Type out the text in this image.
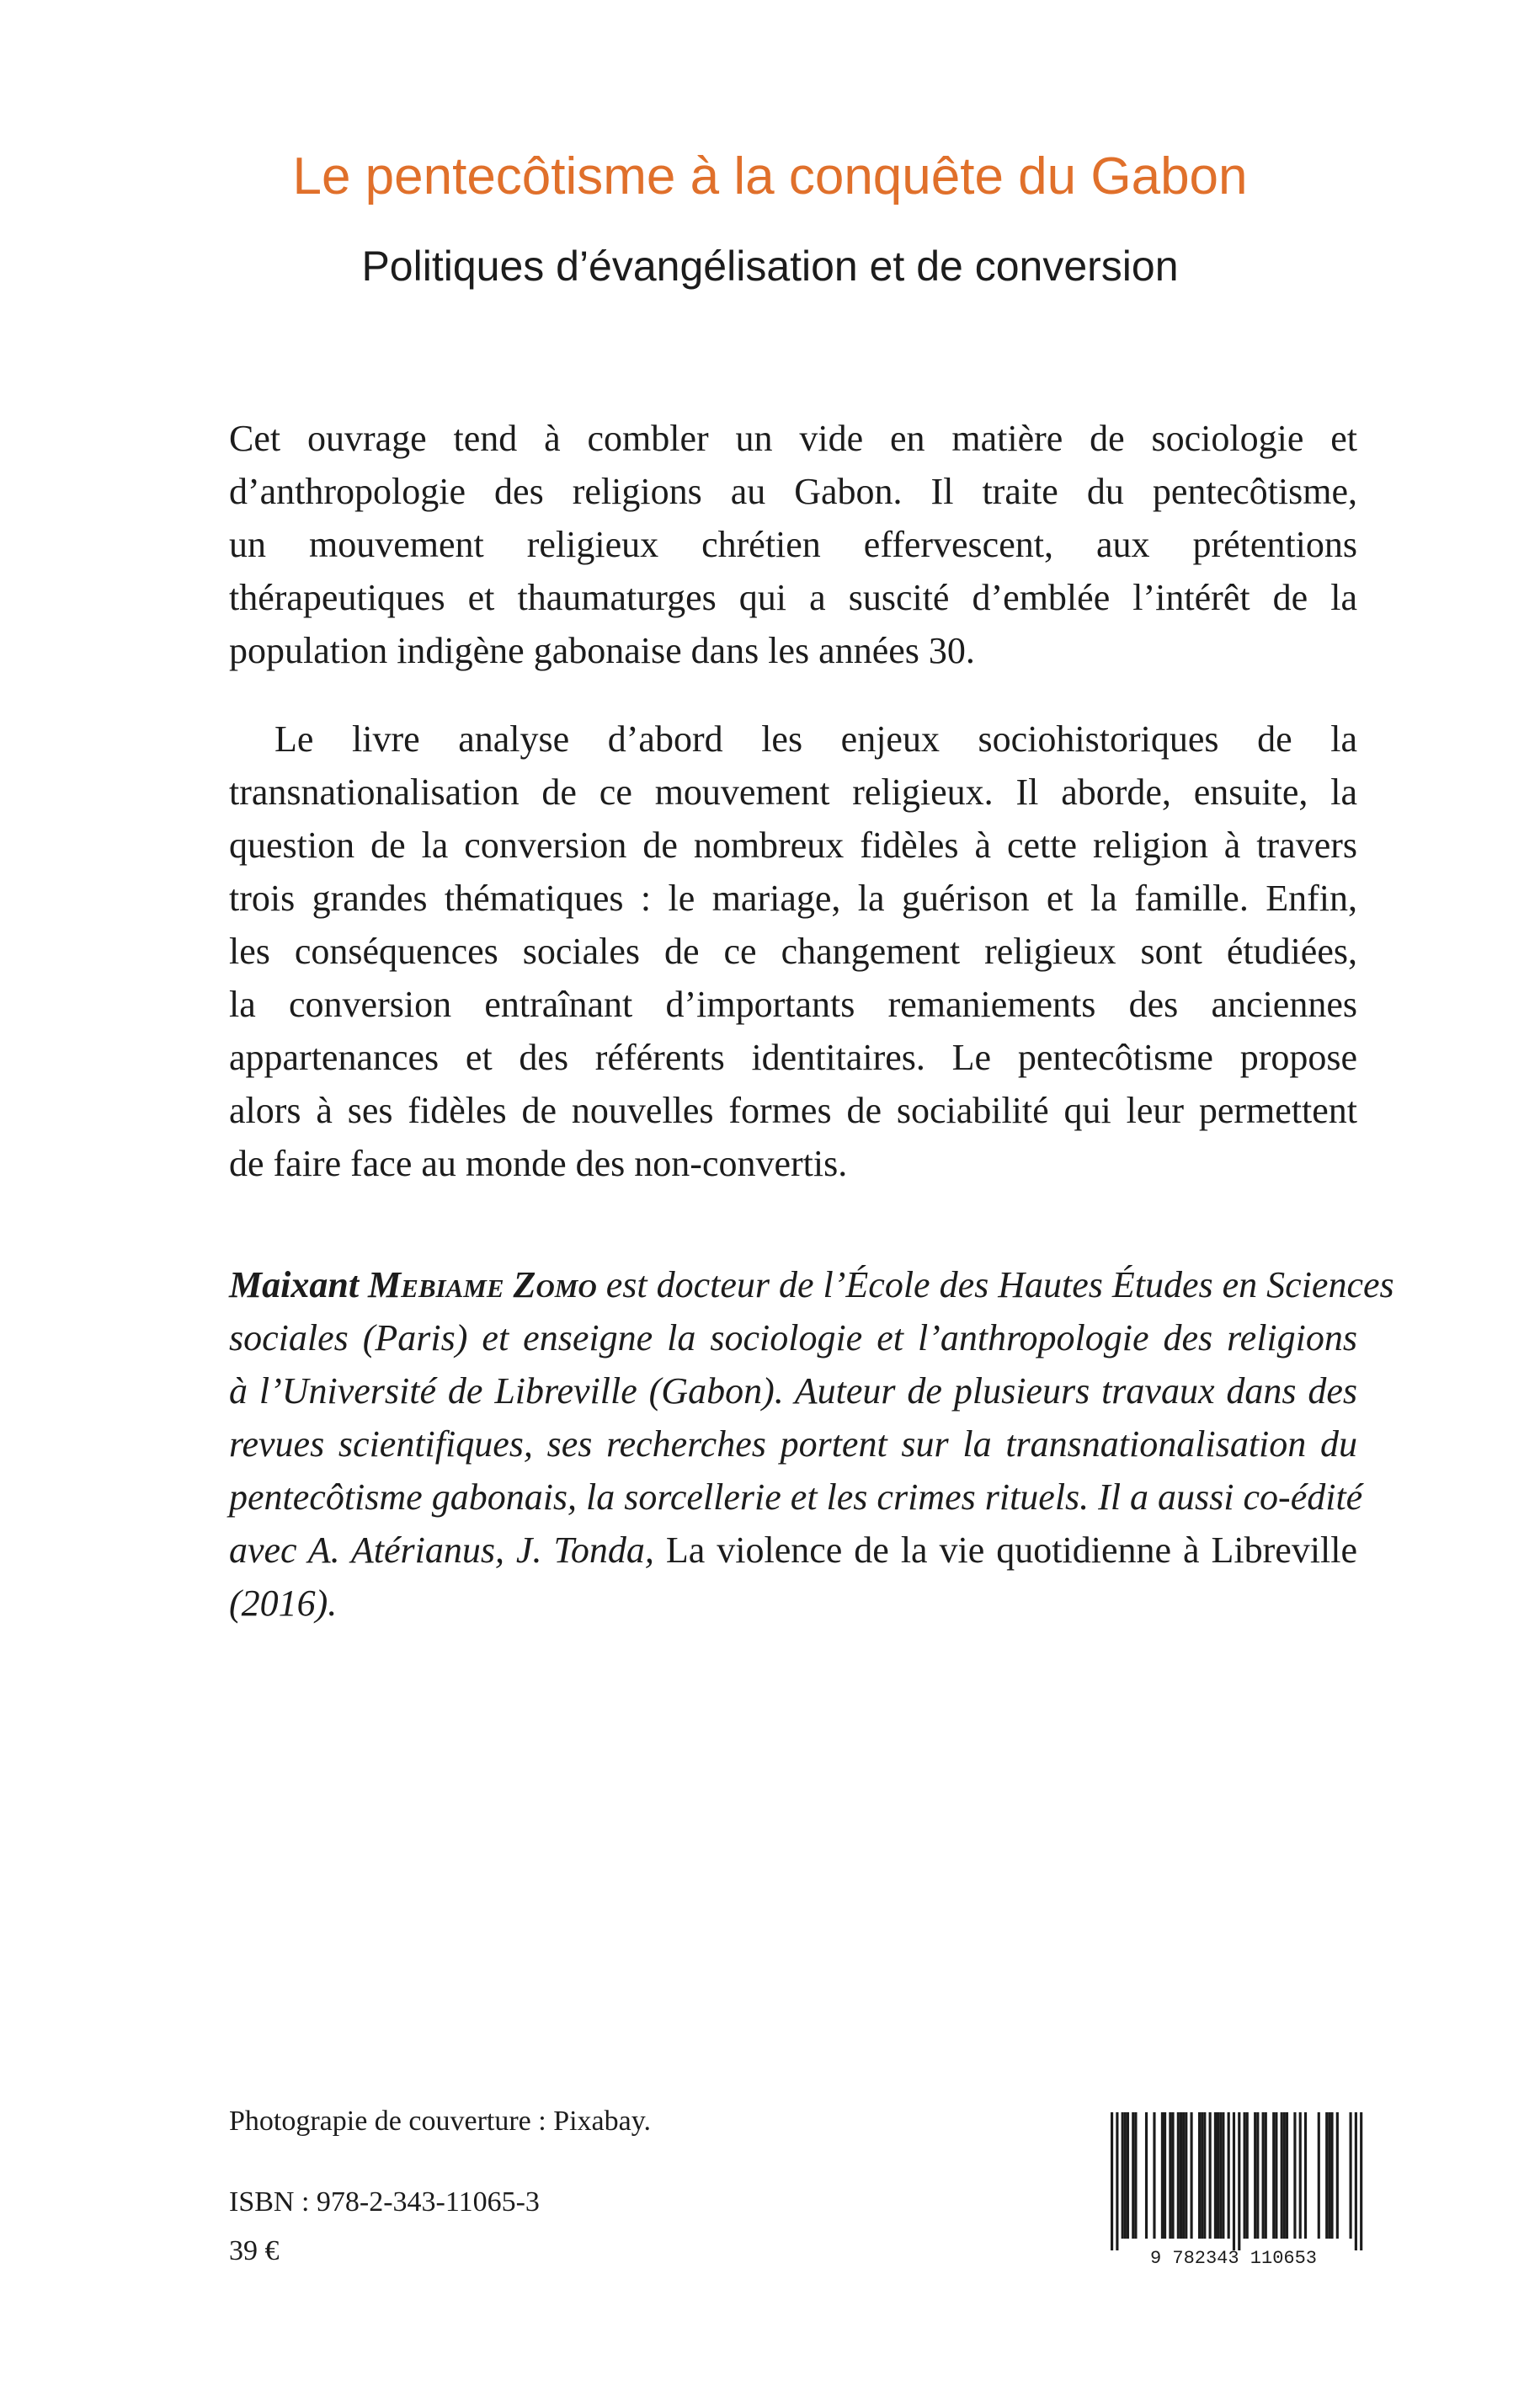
Le pentecôtisme à la conquête du Gabon
Politiques d’évangélisation et de conversion
Cet ouvrage tend à combler un vide en matière de sociologie et
d’anthropologie des religions au Gabon. Il traite du pentecôtisme,
un mouvement religieux chrétien effervescent, aux prétentions
thérapeutiques et thaumaturges qui a suscité d’emblée l’intérêt de la
population indigène gabonaise dans les années 30.
Le livre analyse d’abord les enjeux sociohistoriques de la
transnationalisation de ce mouvement religieux. Il aborde, ensuite, la
question de la conversion de nombreux fidèles à cette religion à travers
trois grandes thématiques : le mariage, la guérison et la famille. Enfin,
les conséquences sociales de ce changement religieux sont étudiées,
la conversion entraînant d’importants remaniements des anciennes
appartenances et des référents identitaires. Le pentecôtisme propose
alors à ses fidèles de nouvelles formes de sociabilité qui leur permettent
de faire face au monde des non-convertis.
Maixant Mebiame Zomo est docteur de l’École des Hautes Études en Sciences
sociales (Paris) et enseigne la sociologie et l’anthropologie des religions
à l’Université de Libreville (Gabon). Auteur de plusieurs travaux dans des
revues scientifiques, ses recherches portent sur la transnationalisation du
pentecôtisme gabonais, la sorcellerie et les crimes rituels. Il a aussi co-édité
avec A. Atérianus, J. Tonda, La violence de la vie quotidienne à Libreville
(2016).
Photograpie de couverture : Pixabay.
ISBN : 978-2-343-11065-3
39 €	9 782343 110653
